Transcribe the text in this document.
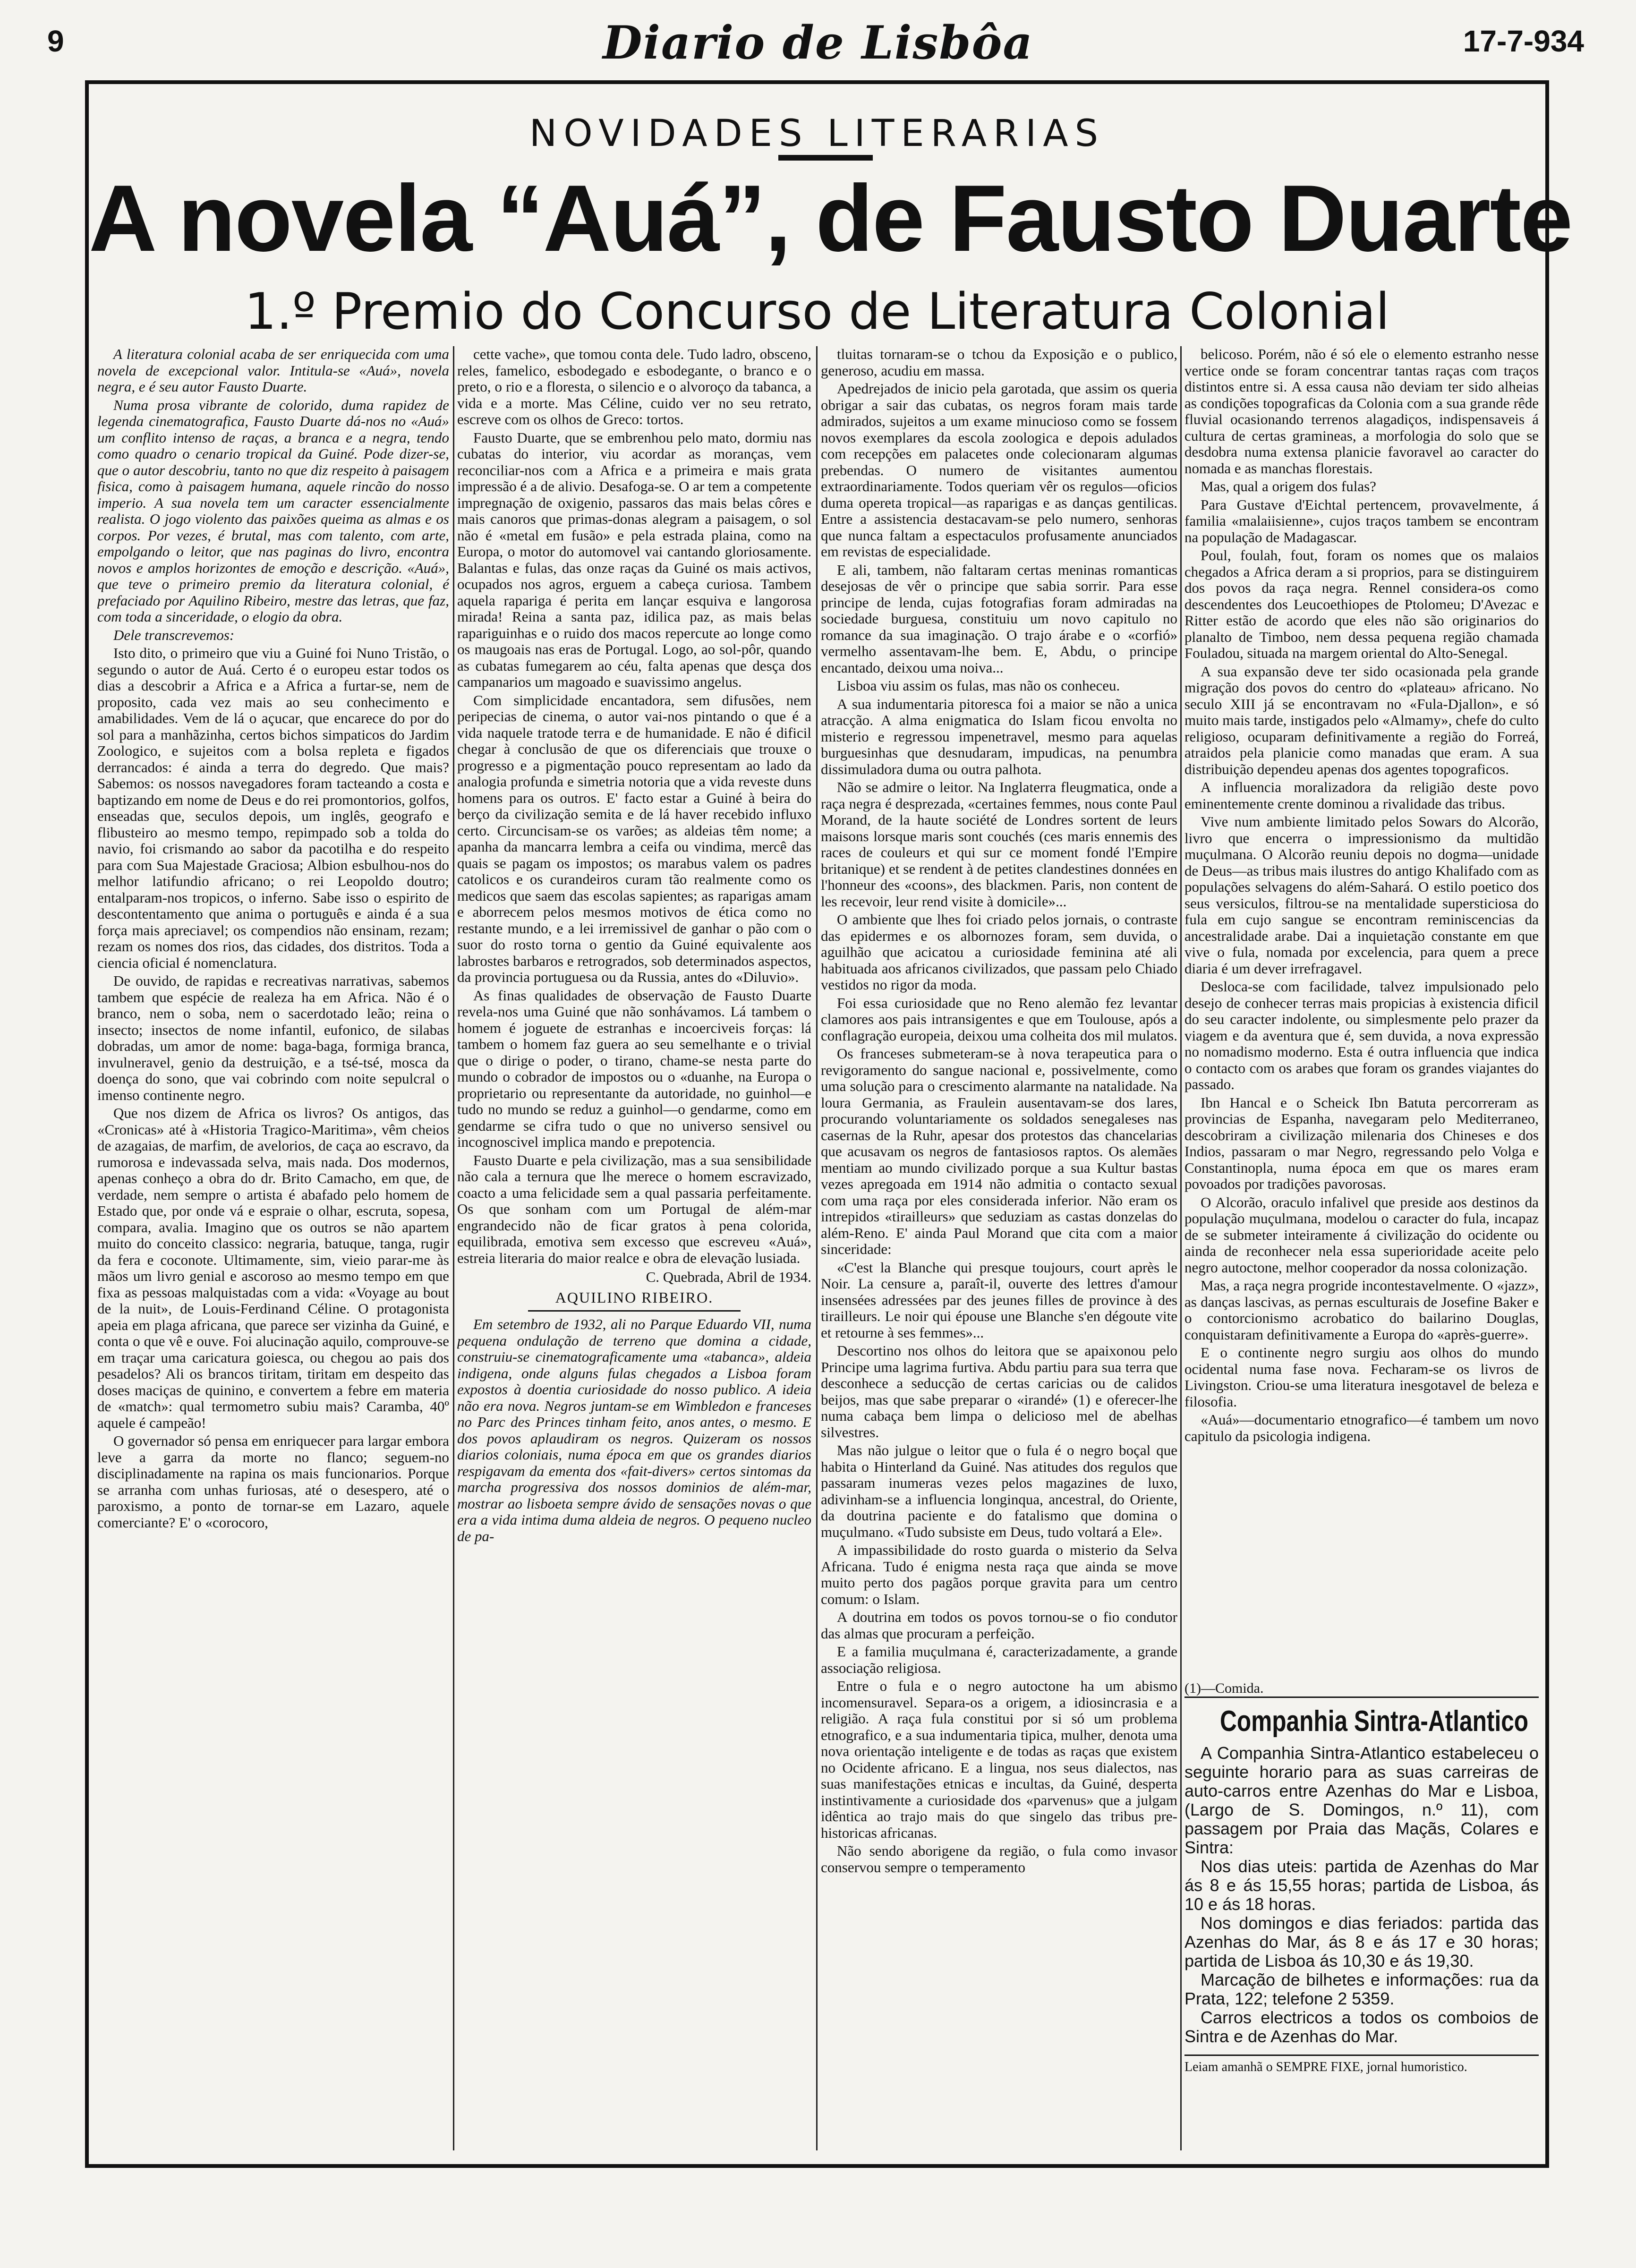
9	Diario de Lisbôa	17-7-934
NOVIDADES LITERARIAS
A novela “Auá”, de Fausto Duarte
1.º Premio do Concurso de Literatura Colonial

A literatura colonial acaba de ser enriquecida com uma novela de excepcional valor. Intitula-se «Auá», novela negra, e é seu autor Fausto Duarte.

Numa prosa vibrante de colorido, duma rapidez de legenda cinematografica, Fausto Duarte dá-nos no «Auá» um conflito intenso de raças, a branca e a negra, tendo como quadro o cenario tropical da Guiné. Pode dizer-se, que o autor descobriu, tanto no que diz respeito à paisagem fisica, como à paisagem humana, aquele rincão do nosso imperio. A sua novela tem um caracter essencialmente realista. O jogo violento das paixões queima as almas e os corpos. Por vezes, é brutal, mas com talento, com arte, empolgando o leitor, que nas paginas do livro, encontra novos e amplos horizontes de emoção e descrição. «Auá», que teve o primeiro premio da literatura colonial, é prefaciado por Aquilino Ribeiro, mestre das letras, que faz, com toda a sinceridade, o elogio da obra.

Dele transcrevemos:

Isto dito, o primeiro que viu a Guiné foi Nuno Tristão, o segundo o autor de Auá. Certo é o europeu estar todos os dias a descobrir a Africa e a Africa a furtar-se, nem de proposito, cada vez mais ao seu conhecimento e amabilidades. Vem de lá o açucar, que encarece do por do sol para a manhãzinha, certos bichos simpaticos do Jardim Zoologico, e sujeitos com a bolsa repleta e figados derrancados: é ainda a terra do degredo. Que mais? Sabemos: os nossos navegadores foram tacteando a costa e baptizando em nome de Deus e do rei promontorios, golfos, enseadas que, seculos depois, um inglês, geografo e flibusteiro ao mesmo tempo, repimpado sob a tolda do navio, foi crismando ao sabor da pacotilha e do respeito para com Sua Majestade Graciosa; Albion esbulhou-nos do melhor latifundio africano; o rei Leopoldo doutro; entalparam-nos tropicos, o inferno. Sabe isso o espirito de descontentamento que anima o português e ainda é a sua força mais apreciavel; os compendios não ensinam, rezam; rezam os nomes dos rios, das cidades, dos distritos. Toda a ciencia oficial é nomenclatura.

De ouvido, de rapidas e recreativas narrativas, sabemos tambem que espécie de realeza ha em Africa. Não é o branco, nem o soba, nem o sacerdotado leão; reina o insecto; insectos de nome infantil, eufonico, de silabas dobradas, um amor de nome: baga-baga, formiga branca, invulneravel, genio da destruição, e a tsé-tsé, mosca da doença do sono, que vai cobrindo com noite sepulcral o imenso continente negro.

Que nos dizem de Africa os livros? Os antigos, das «Cronicas» até à «Historia Tragico-Maritima», vêm cheios de azagaias, de marfim, de avelorios, de caça ao escravo, da rumorosa e indevassada selva, mais nada. Dos modernos, apenas conheço a obra do dr. Brito Camacho, em que, de verdade, nem sempre o artista é abafado pelo homem de Estado que, por onde vá e espraie o olhar, escruta, sopesa, compara, avalia. Imagino que os outros se não apartem muito do conceito classico: negraria, batuque, tanga, rugir da fera e coconote. Ultimamente, sim, vieio parar-me às mãos um livro genial e ascoroso ao mesmo tempo em que fixa as pessoas malquistadas com a vida: «Voyage au bout de la nuit», de Louis-Ferdinand Céline. O protagonista apeia em plaga africana, que parece ser vizinha da Guiné, e conta o que vê e ouve. Foi alucinação aquilo, comprouve-se em traçar uma caricatura goiesca, ou chegou ao pais dos pesadelos? Ali os brancos tiritam, tiritam em despeito das doses maciças de quinino, e convertem a febre em materia de «match»: qual termometro subiu mais? Caramba, 40º aquele é campeão!

O governador só pensa em enriquecer para largar embora leve a garra da morte no flanco; seguem-no disciplinadamente na rapina os mais funcionarios. Porque se arranha com unhas furiosas, até o desespero, até o paroxismo, a ponto de tornar-se em Lazaro, aquele comerciante? E' o «corocoro,

cette vache», que tomou conta dele. Tudo ladro, obsceno, reles, famelico, esbodegado e esbodegante, o branco e o preto, o rio e a floresta, o silencio e o alvoroço da tabanca, a vida e a morte. Mas Céline, cuido ver no seu retrato, escreve com os olhos de Greco: tortos.

Fausto Duarte, que se embrenhou pelo mato, dormiu nas cubatas do interior, viu acordar as moranças, vem reconciliar-nos com a Africa e a primeira e mais grata impressão é a de alivio. Desafoga-se. O ar tem a competente impregnação de oxigenio, passaros das mais belas côres e mais canoros que primas-donas alegram a paisagem, o sol não é «metal em fusão» e pela estrada plaina, como na Europa, o motor do automovel vai cantando gloriosamente. Balantas e fulas, das onze raças da Guiné os mais activos, ocupados nos agros, erguem a cabeça curiosa. Tambem aquela rapariga é perita em lançar esquiva e langorosa mirada! Reina a santa paz, idilica paz, as mais belas rapariguinhas e o ruido dos macos repercute ao longe como os maugoais nas eras de Portugal. Logo, ao sol-pôr, quando as cubatas fumegarem ao céu, falta apenas que desça dos campanarios um magoado e suavissimo angelus.

Com simplicidade encantadora, sem difusões, nem peripecias de cinema, o autor vai-nos pintando o que é a vida naquele tratode terra e de humanidade. E não é dificil chegar à conclusão de que os diferenciais que trouxe o progresso e a pigmentação pouco representam ao lado da analogia profunda e simetria notoria que a vida reveste duns homens para os outros. E' facto estar a Guiné à beira do berço da civilização semita e de lá haver recebido influxo certo. Circuncisam-se os varões; as aldeias têm nome; a apanha da mancarra lembra a ceifa ou vindima, mercê das quais se pagam os impostos; os marabus valem os padres catolicos e os curandeiros curam tão realmente como os medicos que saem das escolas sapientes; as raparigas amam e aborrecem pelos mesmos motivos de ética como no restante mundo, e a lei irremissivel de ganhar o pão com o suor do rosto torna o gentio da Guiné equivalente aos labrostes barbaros e retrogrados, sob determinados aspectos, da provincia portuguesa ou da Russia, antes do «Diluvio».

As finas qualidades de observação de Fausto Duarte revela-nos uma Guiné que não sonhávamos. Lá tambem o homem é joguete de estranhas e incoerciveis forças: lá tambem o homem faz guera ao seu semelhante e o trivial que o dirige o poder, o tirano, chame-se nesta parte do mundo o cobrador de impostos ou o «duanhe, na Europa o proprietario ou representante da autoridade, no guinhol—e tudo no mundo se reduz a guinhol—o gendarme, como em gendarme se cifra tudo o que no universo sensivel ou incognoscivel implica mando e prepotencia.

Fausto Duarte e pela civilização, mas a sua sensibilidade não cala a ternura que lhe merece o homem escravizado, coacto a uma felicidade sem a qual passaria perfeitamente. Os que sonham com um Portugal de além-mar engrandecido não de ficar gratos à pena colorida, equilibrada, emotiva sem excesso que escreveu «Auá», estreia literaria do maior realce e obra de elevação lusiada.

C. Quebrada, Abril de 1934.
AQUILINO RIBEIRO.

Em setembro de 1932, ali no Parque Eduardo VII, numa pequena ondulação de terreno que domina a cidade, construiu-se cinematograficamente uma «tabanca», aldeia indigena, onde alguns fulas chegados a Lisboa foram expostos à doentia curiosidade do nosso publico. A ideia não era nova. Negros juntam-se em Wimbledon e franceses no Parc des Princes tinham feito, anos antes, o mesmo. E dos povos aplaudiram os negros. Quizeram os nossos diarios coloniais, numa época em que os grandes diarios respigavam da ementa dos «fait-divers» certos sintomas da marcha progressiva dos nossos dominios de além-mar, mostrar ao lisboeta sempre ávido de sensações novas o que era a vida intima duma aldeia de negros. O pequeno nucleo de pa-

tluitas tornaram-se o tchou da Exposição e o publico, generoso, acudiu em massa.

Apedrejados de inicio pela garotada, que assim os queria obrigar a sair das cubatas, os negros foram mais tarde admirados, sujeitos a um exame minucioso como se fossem novos exemplares da escola zoologica e depois adulados com recepções em palacetes onde colecionaram algumas prebendas. O numero de visitantes aumentou extraordinariamente. Todos queriam vêr os regulos—oficios duma opereta tropical—as raparigas e as danças gentilicas. Entre a assistencia destacavam-se pelo numero, senhoras que nunca faltam a espectaculos profusamente anunciados em revistas de especialidade.

E ali, tambem, não faltaram certas meninas romanticas desejosas de vêr o principe que sabia sorrir. Para esse principe de lenda, cujas fotografias foram admiradas na sociedade burguesa, constituiu um novo capitulo no romance da sua imaginação. O trajo árabe e o «corfió» vermelho assentavam-lhe bem. E, Abdu, o principe encantado, deixou uma noiva...

Lisboa viu assim os fulas, mas não os conheceu.

A sua indumentaria pitoresca foi a maior se não a unica atracção. A alma enigmatica do Islam ficou envolta no misterio e regressou impenetravel, mesmo para aquelas burguesinhas que desnudaram, impudicas, na penumbra dissimuladora duma ou outra palhota.

Não se admire o leitor. Na Inglaterra fleugmatica, onde a raça negra é desprezada, «certaines femmes, nous conte Paul Morand, de la haute société de Londres sortent de leurs maisons lorsque maris sont couchés (ces maris ennemis des races de couleurs et qui sur ce moment fondé l'Empire britanique) et se rendent à de petites clandestines données en l'honneur des «coons», des blackmen. Paris, non content de les recevoir, leur rend visite à domicile»...

O ambiente que lhes foi criado pelos jornais, o contraste das epidermes e os albornozes foram, sem duvida, o aguilhão que acicatou a curiosidade feminina até ali habituada aos africanos civilizados, que passam pelo Chiado vestidos no rigor da moda.

Foi essa curiosidade que no Reno alemão fez levantar clamores aos pais intransigentes e que em Toulouse, após a conflagração europeia, deixou uma colheita dos mil mulatos.

Os franceses submeteram-se à nova terapeutica para o revigoramento do sangue nacional e, possivelmente, como uma solução para o crescimento alarmante na natalidade. Na loura Germania, as Fraulein ausentavam-se dos lares, procurando voluntariamente os soldados senegaleses nas casernas de la Ruhr, apesar dos protestos das chancelarias que acusavam os negros de fantasiosos raptos. Os alemães mentiam ao mundo civilizado porque a sua Kultur bastas vezes apregoada em 1914 não admitia o contacto sexual com uma raça por eles considerada inferior. Não eram os intrepidos «tirailleurs» que seduziam as castas donzelas do além-Reno. E' ainda Paul Morand que cita com a maior sinceridade:

«C'est la Blanche qui presque toujours, court après le Noir. La censure a, paraît-il, ouverte des lettres d'amour insensées adressées par des jeunes filles de province à des tirailleurs. Le noir qui épouse une Blanche s'en dégoute vite et retourne à ses femmes»...

Descortino nos olhos do leitora que se apaixonou pelo Principe uma lagrima furtiva. Abdu partiu para sua terra que desconhece a seducção de certas caricias ou de calidos beijos, mas que sabe preparar o «irandé» (1) e oferecer-lhe numa cabaça bem limpa o delicioso mel de abelhas silvestres.

Mas não julgue o leitor que o fula é o negro boçal que habita o Hinterland da Guiné. Nas atitudes dos regulos que passaram inumeras vezes pelos magazines de luxo, adivinham-se a influencia longinqua, ancestral, do Oriente, da doutrina paciente e do fatalismo que domina o muçulmano. «Tudo subsiste em Deus, tudo voltará a Ele».

A impassibilidade do rosto guarda o misterio da Selva Africana. Tudo é enigma nesta raça que ainda se move muito perto dos pagãos porque gravita para um centro comum: o Islam.

A doutrina em todos os povos tornou-se o fio condutor das almas que procuram a perfeição.

E a familia muçulmana é, caracterizadamente, a grande associação religiosa.

Entre o fula e o negro autoctone ha um abismo incomensuravel. Separa-os a origem, a idiosincrasia e a religião. A raça fula constitui por si só um problema etnografico, e a sua indumentaria tipica, mulher, denota uma nova orientação inteligente e de todas as raças que existem no Ocidente africano. E a lingua, nos seus dialectos, nas suas manifestações etnicas e incultas, da Guiné, desperta instintivamente a curiosidade dos «parvenus» que a julgam idêntica ao trajo mais do que singelo das tribus pre-historicas africanas.

Não sendo aborigene da região, o fula como invasor conservou sempre o temperamento

belicoso. Porém, não é só ele o elemento estranho nesse vertice onde se foram concentrar tantas raças com traços distintos entre si. A essa causa não deviam ter sido alheias as condições topograficas da Colonia com a sua grande rêde fluvial ocasionando terrenos alagadiços, indispensaveis á cultura de certas gramineas, a morfologia do solo que se desdobra numa extensa planicie favoravel ao caracter do nomada e as manchas florestais.

Mas, qual a origem dos fulas?

Para Gustave d'Eichtal pertencem, provavelmente, á familia «malaiisienne», cujos traços tambem se encontram na população de Madagascar.

Poul, foulah, fout, foram os nomes que os malaios chegados a Africa deram a si proprios, para se distinguirem dos povos da raça negra. Rennel considera-os como descendentes dos Leucoethiopes de Ptolomeu; D'Avezac e Ritter estão de acordo que eles não são originarios do planalto de Timboo, nem dessa pequena região chamada Fouladou, situada na margem oriental do Alto-Senegal.

A sua expansão deve ter sido ocasionada pela grande migração dos povos do centro do «plateau» africano. No seculo XIII já se encontravam no «Fula-Djallon», e só muito mais tarde, instigados pelo «Almamy», chefe do culto religioso, ocuparam definitivamente a região do Forreá, atraidos pela planicie como manadas que eram. A sua distribuição dependeu apenas dos agentes topograficos.

A influencia moralizadora da religião deste povo eminentemente crente dominou a rivalidade das tribus.

Vive num ambiente limitado pelos Sowars do Alcorão, livro que encerra o impressionismo da multidão muçulmana. O Alcorão reuniu depois no dogma—unidade de Deus—as tribus mais ilustres do antigo Khalifado com as populações selvagens do além-Sahará. O estilo poetico dos seus versiculos, filtrou-se na mentalidade supersticiosa do fula em cujo sangue se encontram reminiscencias da ancestralidade arabe. Dai a inquietação constante em que vive o fula, nomada por excelencia, para quem a prece diaria é um dever irrefragavel.

Desloca-se com facilidade, talvez impulsionado pelo desejo de conhecer terras mais propicias à existencia dificil do seu caracter indolente, ou simplesmente pelo prazer da viagem e da aventura que é, sem duvida, a nova expressão no nomadismo moderno. Esta é outra influencia que indica o contacto com os arabes que foram os grandes viajantes do passado.

Ibn Hancal e o Scheick Ibn Batuta percorreram as provincias de Espanha, navegaram pelo Mediterraneo, descobriram a civilização milenaria dos Chineses e dos Indios, passaram o mar Negro, regressando pelo Volga e Constantinopla, numa época em que os mares eram povoados por tradições pavorosas.

O Alcorão, oraculo infalivel que preside aos destinos da população muçulmana, modelou o caracter do fula, incapaz de se submeter inteiramente á civilização do ocidente ou ainda de reconhecer nela essa superioridade aceite pelo negro autoctone, melhor cooperador da nossa colonização.

Mas, a raça negra progride incontestavelmente. O «jazz», as danças lascivas, as pernas esculturais de Josefine Baker e o contorcionismo acrobatico do bailarino Douglas, conquistaram definitivamente a Europa do «après-guerre».

E o continente negro surgiu aos olhos do mundo ocidental numa fase nova. Fecharam-se os livros de Livingston. Criou-se uma literatura inesgotavel de beleza e filosofia.

«Auá»—documentario etnografico—é tambem um novo capitulo da psicologia indigena.

(1)—Comida.
Companhia Sintra-Atlantico

A Companhia Sintra-Atlantico estabeleceu o seguinte horario para as suas carreiras de auto-carros entre Azenhas do Mar e Lisboa, (Largo de S. Domingos, n.º 11), com passagem por Praia das Maçãs, Colares e Sintra:

Nos dias uteis: partida de Azenhas do Mar ás 8 e ás 15,55 horas; partida de Lisboa, ás 10 e ás 18 horas.

Nos domingos e dias feriados: partida das Azenhas do Mar, ás 8 e ás 17 e 30 horas; partida de Lisboa ás 10,30 e ás 19,30.

Marcação de bilhetes e informações: rua da Prata, 122; telefone 2 5359.

Carros electricos a todos os comboios de Sintra e de Azenhas do Mar.

Leiam amanhã o SEMPRE FIXE, jornal humoristico.
